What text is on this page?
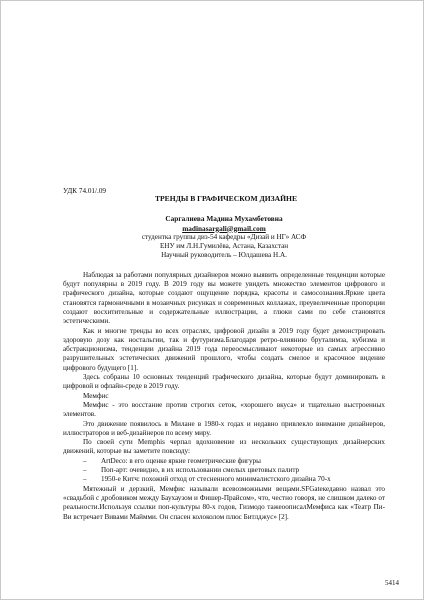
УДК 74.01/.09
ТРЕНДЫ В ГРАФИЧЕСКОМ ДИЗАЙНЕ
Саргалиева Мадина Мухамбетовна
madinasargali@gmail.com
студентка группы диз-54 кафедры «Дизай и НГ» АСФ
ЕНУ им Л.Н.Гумилёва, Астана, Казахстан
Научный руководитель – Юлдашева Н.А.

Наблюдая за работами популярных дизайнеров можно выявить определенные тенденции которые будут популярны в 2019 году. В 2019 году вы можете увидеть множество элементов цифрового и графического дизайна, которые создают ощущение порядка, красоты и самосозиания.Яркие цвета становятся гармоничными в мозаичных рисунках и современных коллажах, преувеличенные пропорции создают восхитительные и содержательные иллюстрации, а глюки сами по себе становятся эстетическими.

Как и многие тренды во всех отраслях, цифровой дизайн в 2019 году будет демонстрировать здоровую дозу как ностальгии, так и футуризма.Благодаря ретро-влиянию бруталимза, кубизма и абстракционизма, тенденции дизайна 2019 года переосмысливают некоторые из самых агрессивно разрушительных эстетических движений прошлого, чтобы создать смелое и красочное видение цифрового будущего [1].

Здесь собраны 10 основных тенденций графического дизайна, которые будут доминировать в цифровой и офлайн-среде в 2019 году.

Мемфис

Мемфис - это восстание против строгих сеток, «хорошего вкуса» и тщательно выстроенных элементов.

Это движение появилось в Милане в 1980-х годах и недавно привлекло внимание дизайнеров, иллюстраторов и веб-дизайнеров по всему миру.

По своей сути Memphis черпал вдохновение из нескольких существующих дизайнерских движений, которые вы заметите повсюду:

–	ArtDeco: в его оценке яркие геометрические фигуры
–	Поп-арт: очевидно, в их использовании смелых цветовых палитр
–	1950-е Китч: похожий отход от стесненного минималистского дизайна 70-х

Мятежный и дерзкий, Мемфис называли всевозможными вещами.SFGateкедавно назвал это «свадьбой с дробовиком между Баухаузом и Фишер-Прайсом», что, честно говоря, не слишком далеко от реальности.Используя ссылки поп-культуры 80-х годов, Гизмодо тажеоописалМемфиса как «Театр Пи-Ви встречает Вивами Маймми. Он спасен колоколом плюс Битлджус» [2].

5414
